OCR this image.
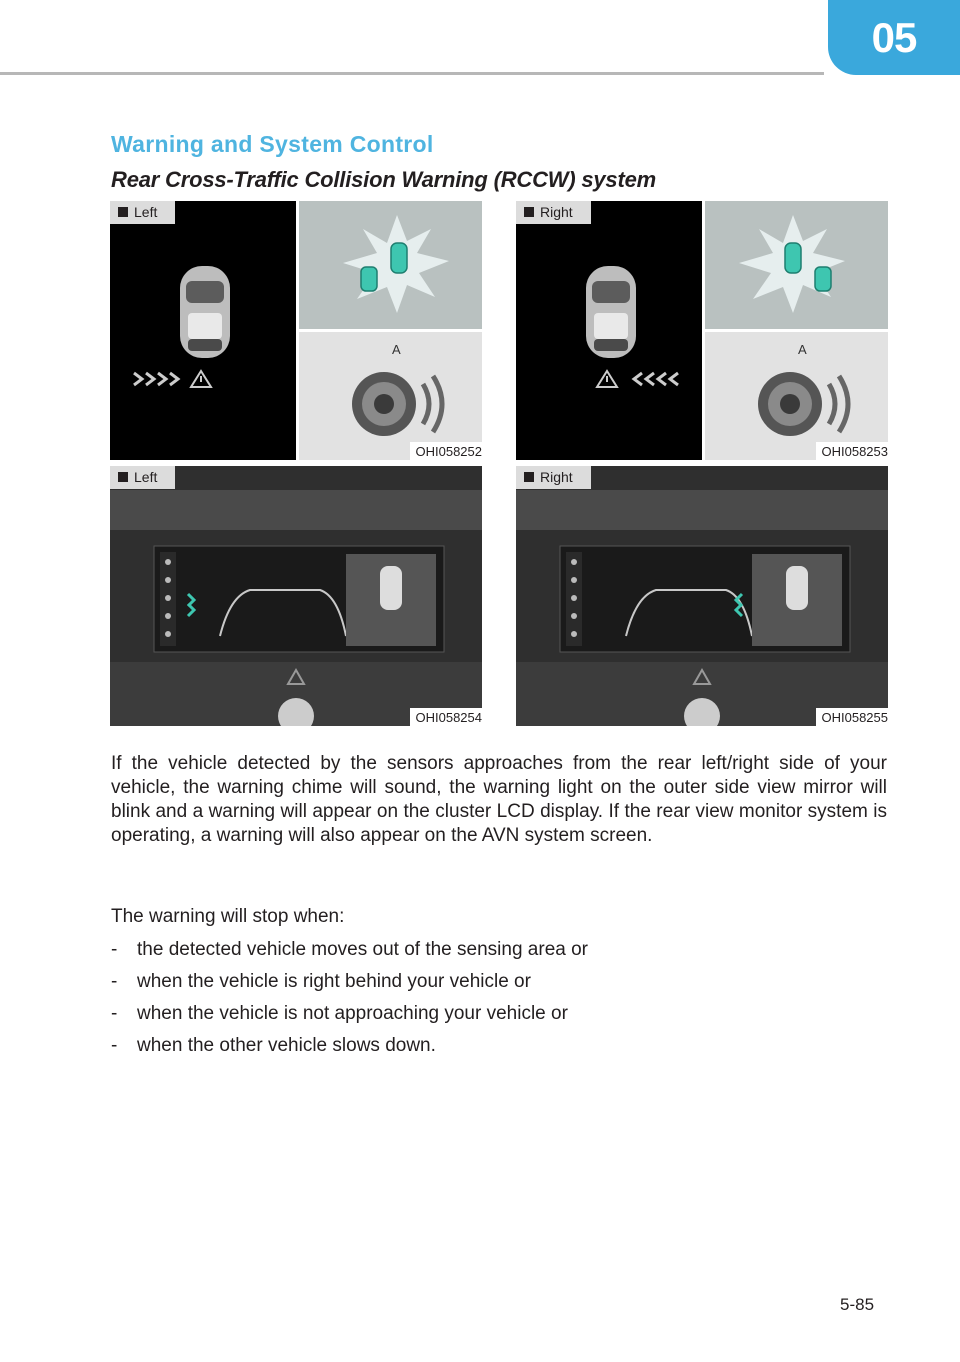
05
Warning and System Control
Rear Cross-Traffic Collision Warning (RCCW) system
Left
A
OHI058252
Right
A
OHI058253
Left
OHI058254
Right
OHI058255
If the vehicle detected by the sensors approaches from the rear left/right side of your vehicle, the warning chime will sound, the warning light on the outer side view mirror will blink and a warning will appear on the cluster LCD display. If the rear view monitor system is operating, a warning will also appear on the AVN system screen.
The warning will stop when:
- the detected vehicle moves out of the sensing area or
- when the vehicle is right behind your vehicle or
- when the vehicle is not approaching your vehicle or
- when the other vehicle slows down.
5-85
